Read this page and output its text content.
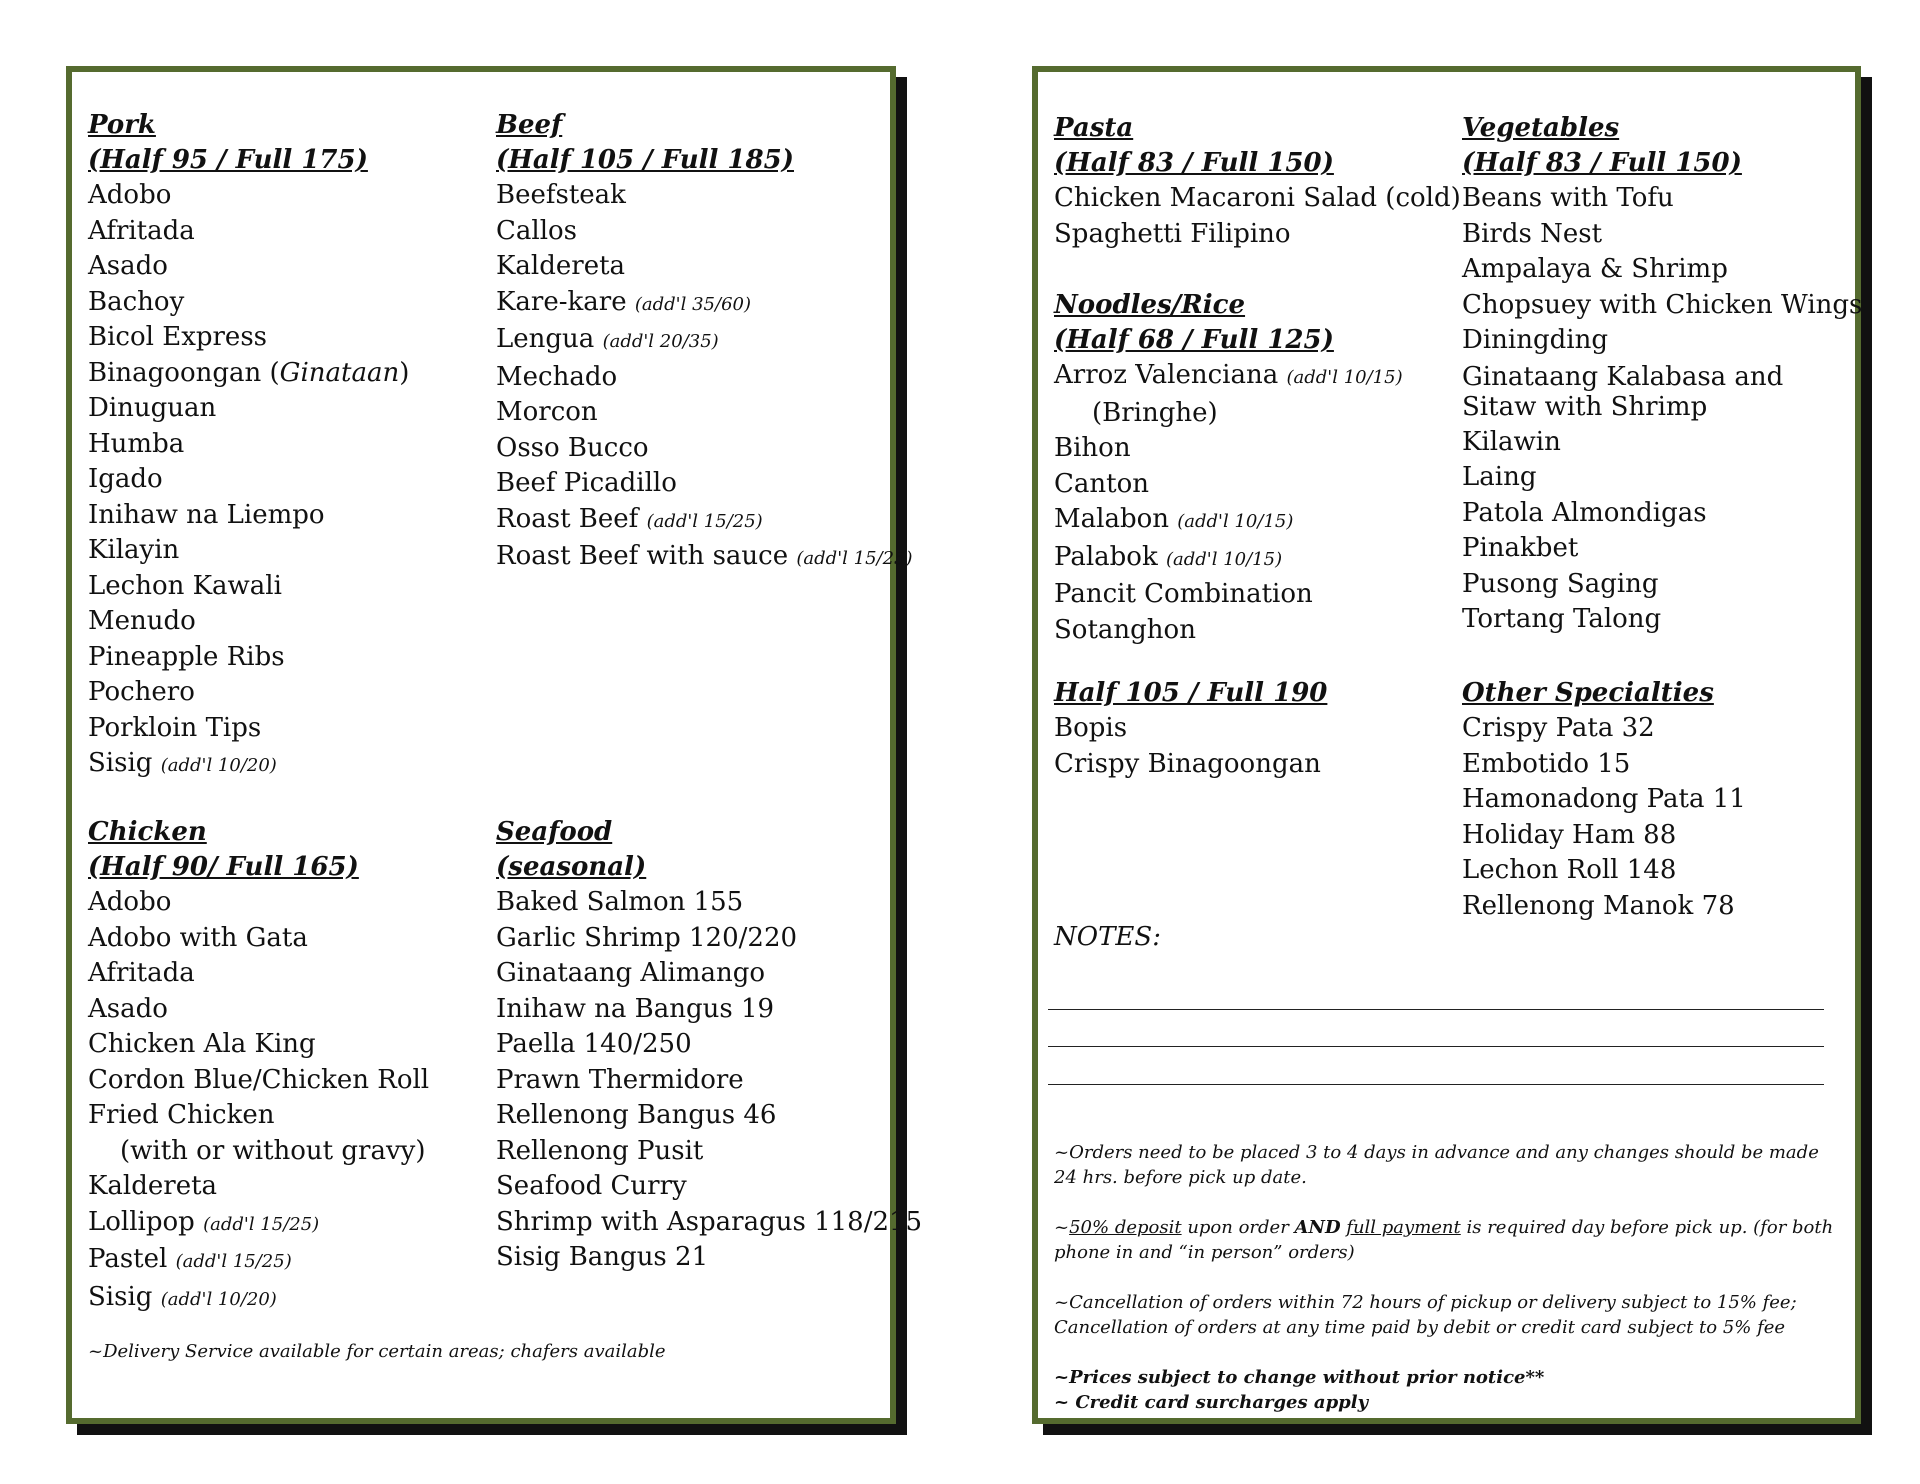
Pork
(Half 95 / Full 175)
Adobo
Afritada
Asado
Bachoy
Bicol Express
Binagoongan (Ginataan)
Dinuguan
Humba
Igado
Inihaw na Liempo
Kilayin
Lechon Kawali
Menudo
Pineapple Ribs
Pochero
Porkloin Tips
Sisig (add'l 10/20)
Beef
(Half 105 / Full 185)
Beefsteak
Callos
Kaldereta
Kare-kare (add'l 35/60)
Lengua (add'l 20/35)
Mechado
Morcon
Osso Bucco
Beef Picadillo
Roast Beef (add'l 15/25)
Roast Beef with sauce (add'l 15/25)
Chicken
(Half 90/ Full 165)
Adobo
Adobo with Gata
Afritada
Asado
Chicken Ala King
Cordon Blue/Chicken Roll
Fried Chicken
(with or without gravy)
Kaldereta
Lollipop (add'l 15/25)
Pastel (add'l 15/25)
Sisig (add'l 10/20)
Seafood
(seasonal)
Baked Salmon 155
Garlic Shrimp 120/220
Ginataang Alimango
Inihaw na Bangus 19
Paella 140/250
Prawn Thermidore
Rellenong Bangus 46
Rellenong Pusit
Seafood Curry
Shrimp with Asparagus 118/215
Sisig Bangus 21
~Delivery Service available for certain areas; chafers available
Pasta
(Half 83 / Full 150)
Chicken Macaroni Salad (cold)
Spaghetti Filipino
Noodles/Rice
(Half 68 / Full 125)
Arroz Valenciana (add'l 10/15)
(Bringhe)
Bihon
Canton
Malabon (add'l 10/15)
Palabok (add'l 10/15)
Pancit Combination
Sotanghon
Half 105 / Full 190
Bopis
Crispy Binagoongan
Vegetables
(Half 83 / Full 150)
Beans with Tofu
Birds Nest
Ampalaya & Shrimp
Chopsuey with Chicken Wings
Diningding
Ginataang Kalabasa and Sitaw with Shrimp
Kilawin
Laing
Patola Almondigas
Pinakbet
Pusong Saging
Tortang Talong
Other Specialties
Crispy Pata 32
Embotido 15
Hamonadong Pata 11
Holiday Ham 88
Lechon Roll 148
Rellenong Manok 78
NOTES:
~Orders need to be placed 3 to 4 days in advance and any changes should be made 24 hrs. before pick up date.
~50% deposit upon order AND full payment is required day before pick up. (for both phone in and “in person” orders)
~Cancellation of orders within 72 hours of pickup or delivery subject to 15% fee; Cancellation of orders at any time paid by debit or credit card subject to 5% fee
~Prices subject to change without prior notice**
~ Credit card surcharges apply
